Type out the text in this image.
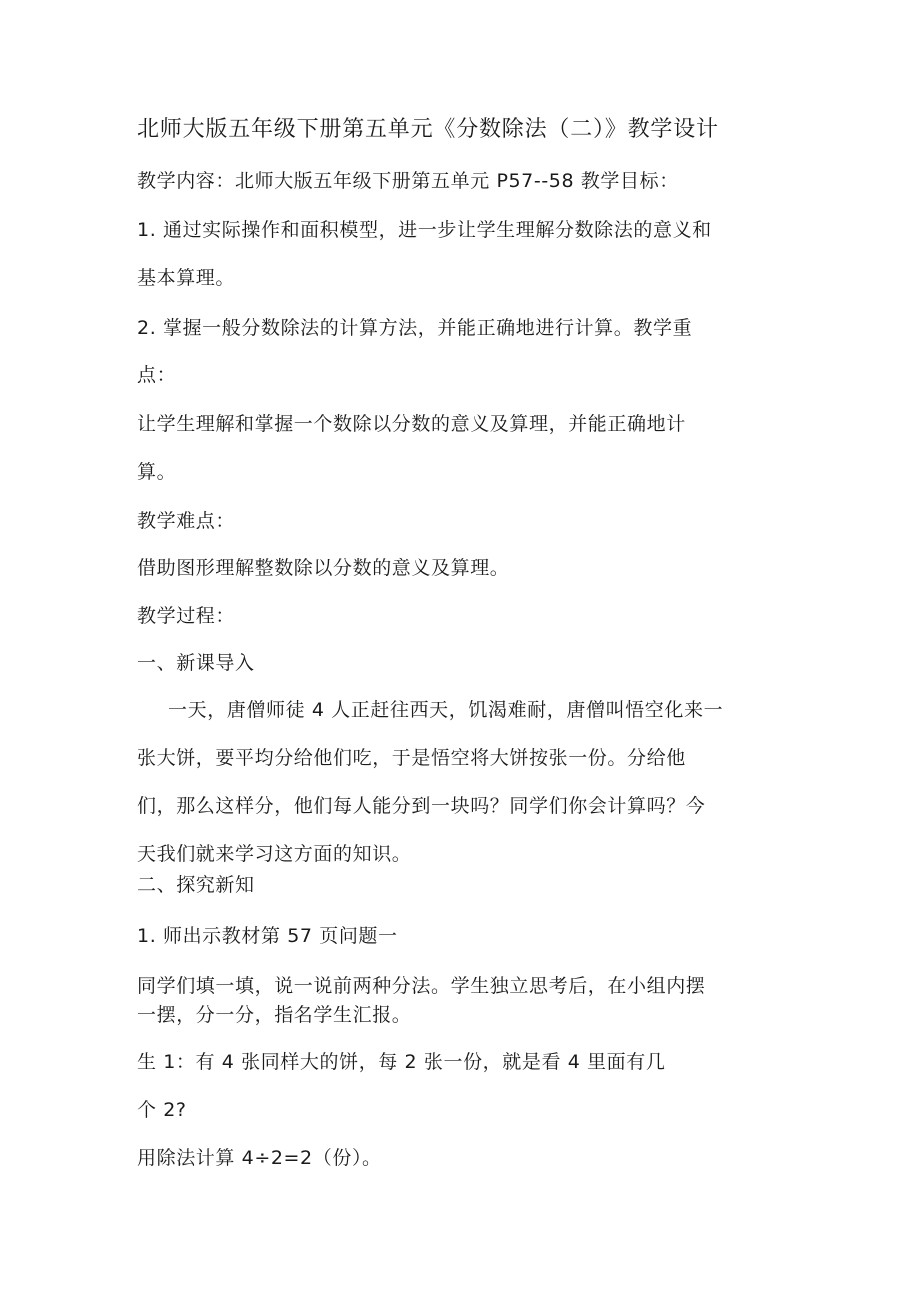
北师大版五年级下册第五单元《分数除法（二）》教学设计
教学内容：北师大版五年级下册第五单元 P57--58 教学目标：
1. 通过实际操作和面积模型，进一步让学生理解分数除法的意义和
基本算理。
2. 掌握一般分数除法的计算方法，并能正确地进行计算。教学重
点：
让学生理解和掌握一个数除以分数的意义及算理，并能正确地计
算。
教学难点：
借助图形理解整数除以分数的意义及算理。
教学过程：
一、新课导入
一天，唐僧师徒 4 人正赶往西天，饥渴难耐，唐僧叫悟空化来一
张大饼，要平均分给他们吃，于是悟空将大饼按张一份。分给他
们，那么这样分，他们每人能分到一块吗？同学们你会计算吗？今
天我们就来学习这方面的知识。
二、探究新知
1. 师出示教材第 57 页问题一
同学们填一填，说一说前两种分法。学生独立思考后，在小组内摆
一摆，分一分，指名学生汇报。
生 1：有 4 张同样大的饼，每 2 张一份，就是看 4 里面有几
个 2?
用除法计算 4÷2=2（份）。
